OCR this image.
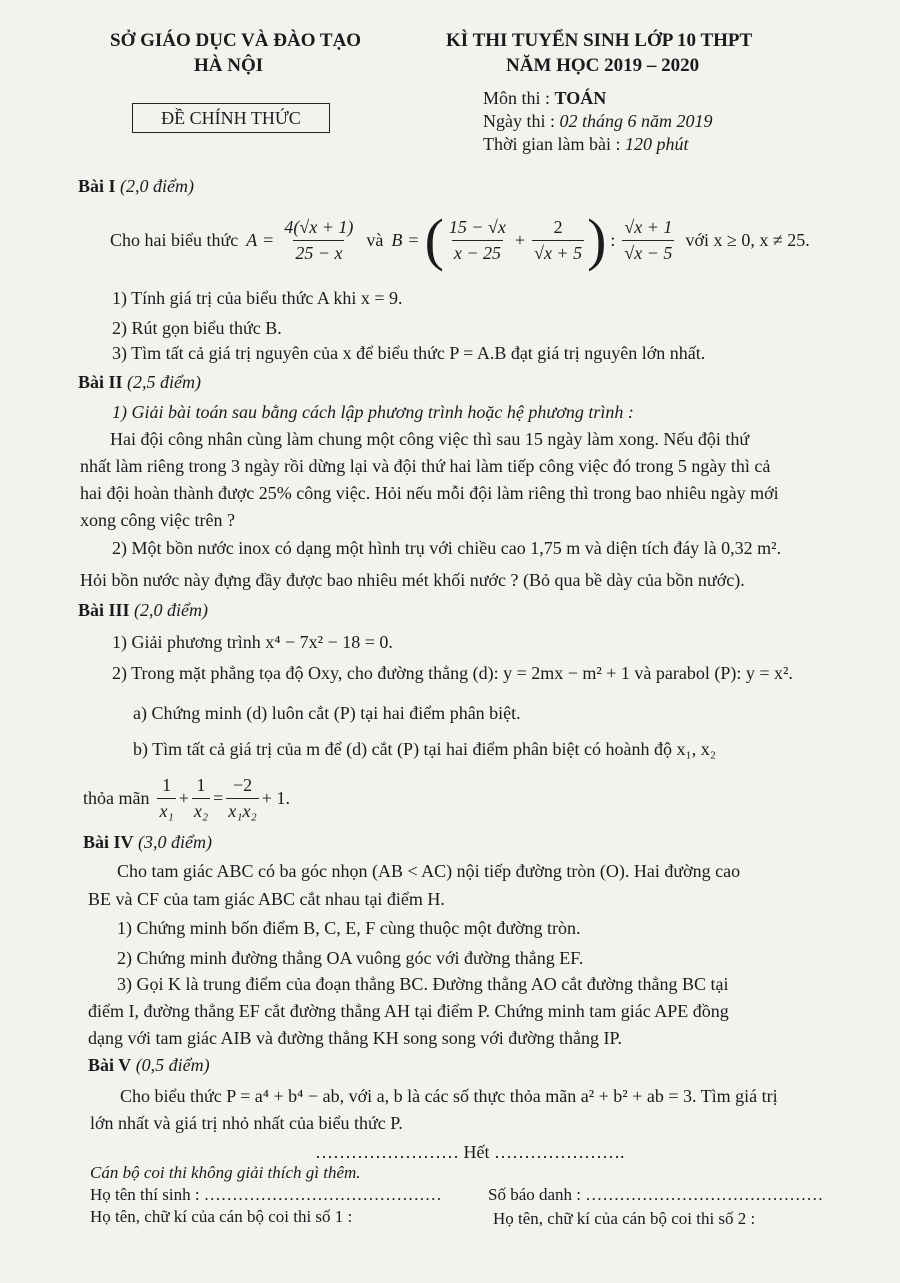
SỞ GIÁO DỤC VÀ ĐÀO TẠO
HÀ NỘI
ĐỀ CHÍNH THỨC
KÌ THI TUYỂN SINH LỚP 10 THPT
NĂM HỌC 2019 – 2020
Môn thi : TOÁN
Ngày thi : 02 tháng 6 năm 2019
Thời gian làm bài : 120 phút
Bài I (2,0 điểm)
Cho hai biểu thức $A = \frac{4(√x + 1)}{25 - x}$ và B = ( $\frac{15 - √x}{x - 25} + \frac{2}{√x + 5}$ ) : $\frac{√x + 1}{√x - 5}$ với x ≥ 0, x ≠ 25.
1) Tính giá trị của biểu thức A khi x = 9.
2) Rút gọn biểu thức B.
3) Tìm tất cả giá trị nguyên của x để biểu thức P = A.B đạt giá trị nguyên lớn nhất.
Bài II (2,5 điểm)
1) Giải bài toán sau bằng cách lập phương trình hoặc hệ phương trình :
Hai đội công nhân cùng làm chung một công việc thì sau 15 ngày làm xong. Nếu đội thứ
nhất làm riêng trong 3 ngày rồi dừng lại và đội thứ hai làm tiếp công việc đó trong 5 ngày thì cả
hai đội hoàn thành được 25% công việc. Hỏi nếu mỗi đội làm riêng thì trong bao nhiêu ngày mới
xong công việc trên ?
2) Một bồn nước inox có dạng một hình trụ với chiều cao 1,75 m và diện tích đáy là 0,32 m².
Hỏi bồn nước này đựng đầy được bao nhiêu mét khối nước ? (Bỏ qua bề dày của bồn nước).
Bài III (2,0 điểm)
1) Giải phương trình x⁴ − 7x² − 18 = 0.
2) Trong mặt phẳng tọa độ Oxy, cho đường thẳng (d): y = 2mx − m² + 1 và parabol (P): y = x².
a) Chứng minh (d) luôn cắt (P) tại hai điểm phân biệt.
b) Tìm tất cả giá trị của m để (d) cắt (P) tại hai điểm phân biệt có hoành độ x₁, x₂
thỏa mãn $\frac{1}{\text{x₁}} + \frac{1}{\text{x₂}} = \frac{-2}{\text{x₁x₂}} + 1$.
Bài IV (3,0 điểm)
Cho tam giác ABC có ba góc nhọn (AB < AC) nội tiếp đường tròn (O). Hai đường cao
BE và CF của tam giác ABC cắt nhau tại điểm H.
1) Chứng minh bốn điểm B, C, E, F cùng thuộc một đường tròn.
2) Chứng minh đường thẳng OA vuông góc với đường thẳng EF.
3) Gọi K là trung điểm của đoạn thẳng BC. Đường thẳng AO cắt đường thẳng BC tại
điểm I, đường thẳng EF cắt đường thẳng AH tại điểm P. Chứng minh tam giác APE đồng
dạng với tam giác AIB và đường thẳng KH song song với đường thẳng IP.
Bài V (0,5 điểm)
Cho biểu thức P = a⁴ + b⁴ − ab, với a, b là các số thực thỏa mãn a² + b² + ab = 3. Tìm giá trị
lớn nhất và giá trị nhỏ nhất của biểu thức P.
…………………… Hết ………………….
Cán bộ coi thi không giải thích gì thêm.
Họ tên thí sinh : ……………………………………	Số báo danh : ……………………………………
Họ tên, chữ kí của cán bộ coi thi số 1 :	Họ tên, chữ kí của cán bộ coi thi số 2 :
